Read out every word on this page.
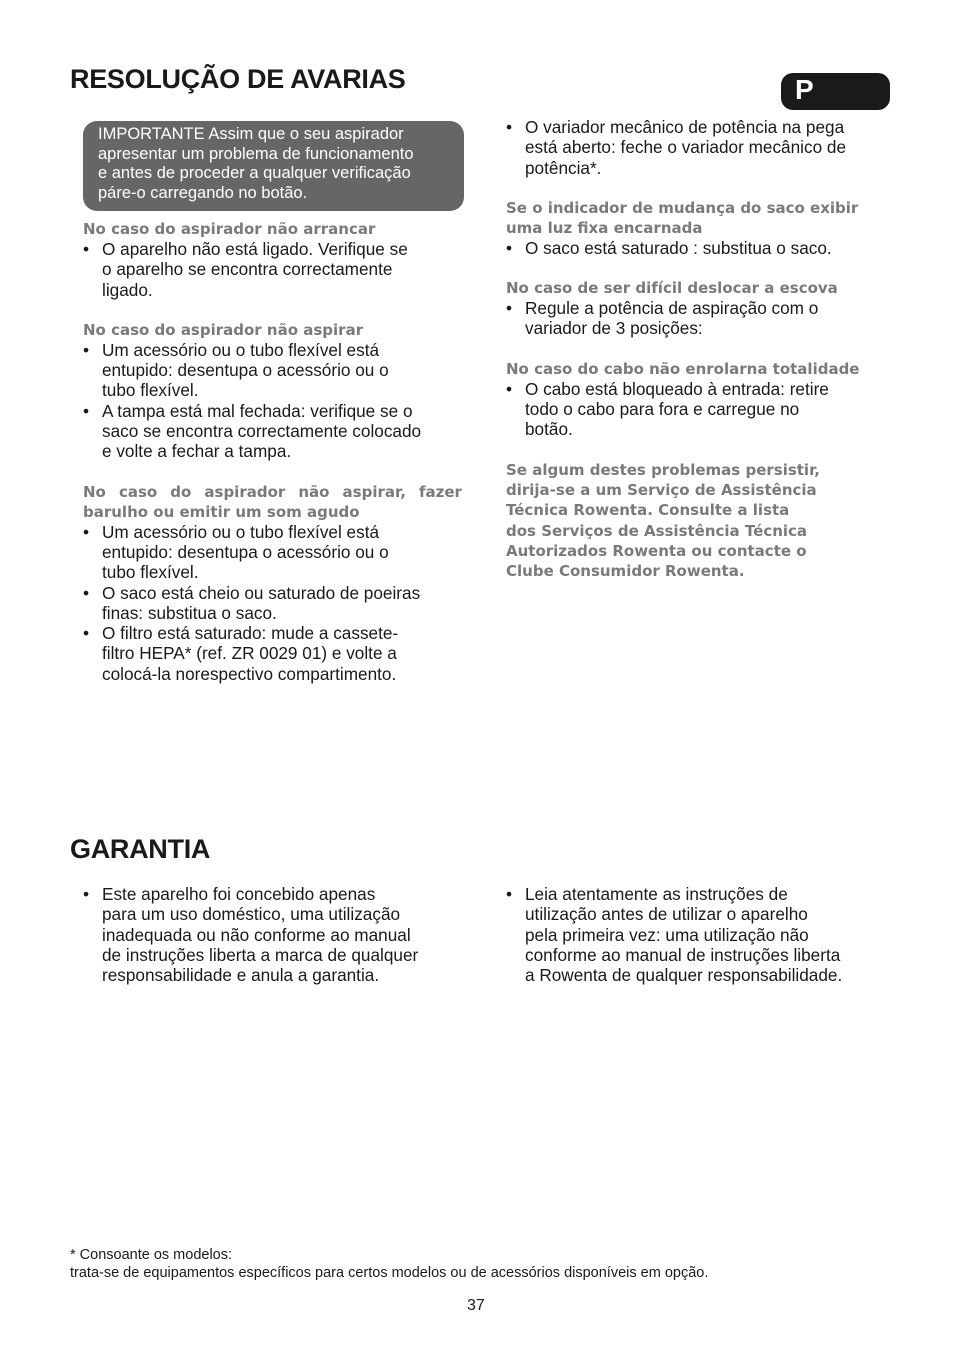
RESOLUÇÃO DE AVARIAS	P
IMPORTANTE Assim que o seu aspirador
apresentar um problema de funcionamento
e antes de proceder a qualquer verificação
páre-o carregando no botão.
No caso do aspirador não arrancar
• O aparelho não está ligado. Verifique se
o aparelho se encontra correctamente
ligado.
No caso do aspirador não aspirar
• Um acessório ou o tubo flexível está
entupido: desentupa o acessório ou o
tubo flexível.
• A tampa está mal fechada: verifique se o
saco se encontra correctamente colocado
e volte a fechar a tampa.
No caso do aspirador não aspirar, fazer
barulho ou emitir um som agudo
• Um acessório ou o tubo flexível está
entupido: desentupa o acessório ou o
tubo flexível.
• O saco está cheio ou saturado de poeiras
finas: substitua o saco.
• O filtro está saturado: mude a cassete-
filtro HEPA* (ref. ZR 0029 01) e volte a
colocá-la norespectivo compartimento.
• O variador mecânico de potência na pega
está aberto: feche o variador mecânico de
potência*.
Se o indicador de mudança do saco exibir
uma luz fixa encarnada
• O saco está saturado : substitua o saco.
No caso de ser difícil deslocar a escova
• Regule a potência de aspiração com o
variador de 3 posições:
No caso do cabo não enrolarna totalidade
• O cabo está bloqueado à entrada: retire
todo o cabo para fora e carregue no
botão.
Se algum destes problemas persistir,
dirija-se a um Serviço de Assistência
Técnica Rowenta. Consulte a lista
dos Serviços de Assistência Técnica
Autorizados Rowenta ou contacte o
Clube Consumidor Rowenta.
GARANTIA
• Este aparelho foi concebido apenas
para um uso doméstico, uma utilização
inadequada ou não conforme ao manual
de instruções liberta a marca de qualquer
responsabilidade e anula a garantia.
• Leia atentamente as instruções de
utilização antes de utilizar o aparelho
pela primeira vez: uma utilização não
conforme ao manual de instruções liberta
a Rowenta de qualquer responsabilidade.
* Consoante os modelos:
trata-se de equipamentos específicos para certos modelos ou de acessórios disponíveis em opção.
37
